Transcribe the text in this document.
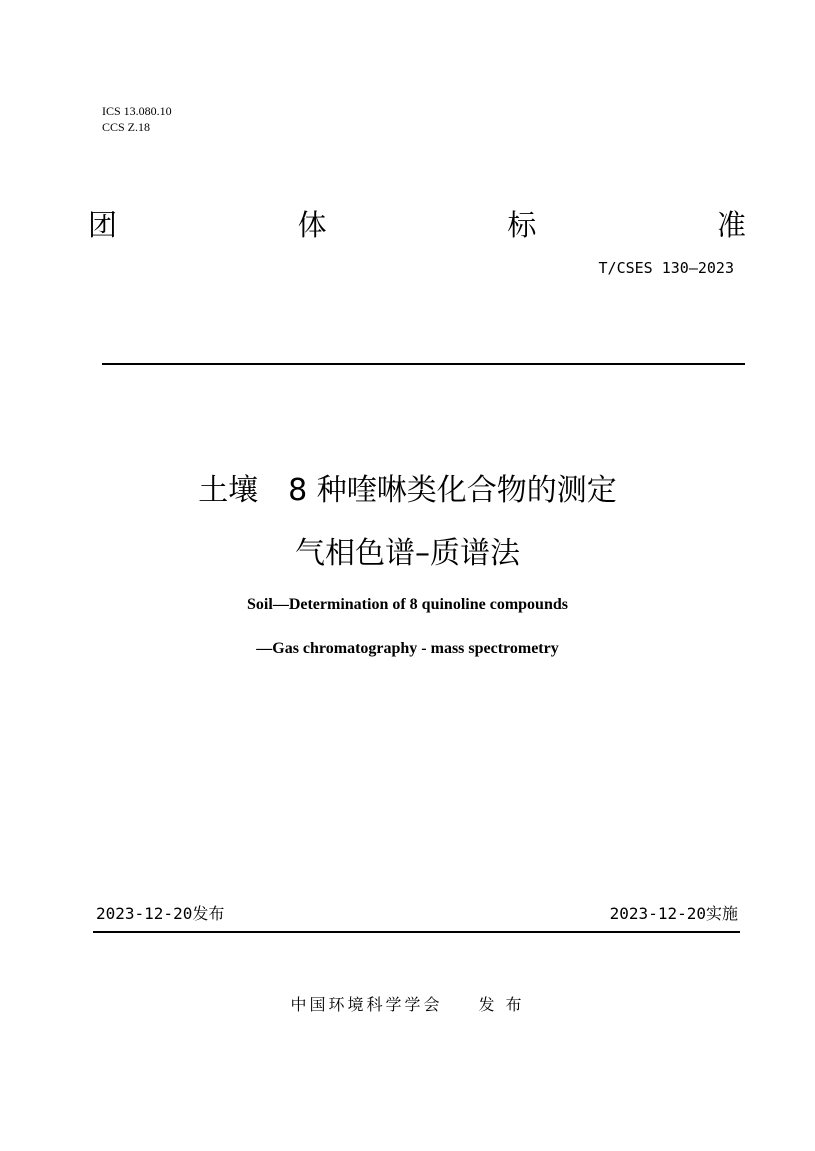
ICS 13.080.10
CCS Z.18
团	体	标	准
T/CSES 130—2023
土壤　8 种喹啉类化合物的测定
气相色谱–质谱法
Soil—Determination of 8 quinoline compounds
—Gas chromatography - mass spectrometry
2023-12-20发布	2023-12-20实施
中国环境科学学会 发 布
